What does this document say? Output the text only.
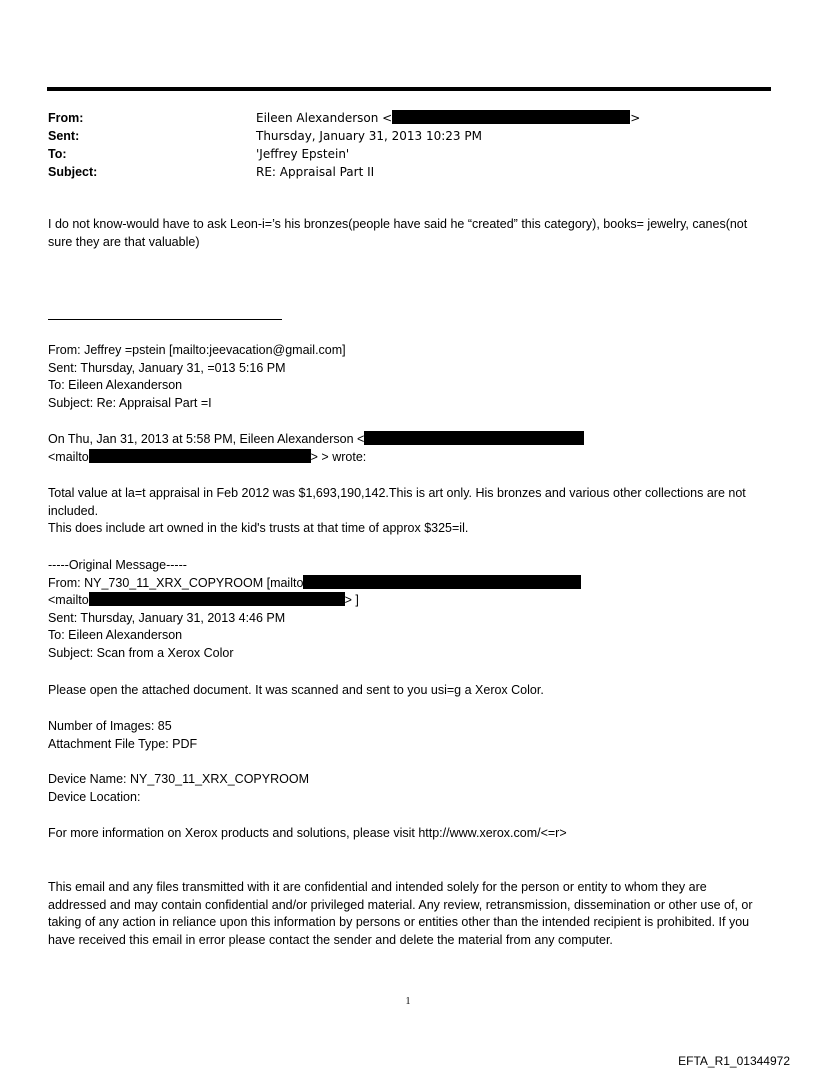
From:	Eileen Alexanderson <	>
Sent:	Thursday, January 31, 2013 10:23 PM
To:	'Jeffrey Epstein'
Subject:	RE: Appraisal Part II

I do not know-would have to ask Leon-i=’s his bronzes(people have said he “created” this category), books= jewelry, canes(not sure they are that valuable)

From: Jeffrey =pstein [mailto:jeevacation@gmail.com]
Sent: Thursday, January 31, =013 5:16 PM
To: Eileen Alexanderson
Subject: Re: Appraisal Part =I
On Thu, Jan 31, 2013 at 5:58 PM, Eileen Alexanderson <
<mailto	> > wrote:
Total value at la=t appraisal in Feb 2012 was $1,693,190,142.This is art only. His bronzes and various other collections are not included.
This does include art owned in the kid's trusts at that time of approx $325=il.
-----Original Message-----
From: NY_730_11_XRX_COPYROOM [mailto
<mailto	> ]
Sent: Thursday, January 31, 2013 4:46 PM
To: Eileen Alexanderson
Subject: Scan from a Xerox Color
Please open the attached document. It was scanned and sent to you usi=g a Xerox Color.
Number of Images: 85
Attachment File Type: PDF
Device Name: NY_730_11_XRX_COPYROOM
Device Location:
For more information on Xerox products and solutions, please visit http://www.xerox.com/<=r>
This email and any files transmitted with it are confidential and intended solely for the person or entity to whom they are addressed and may contain confidential and/or privileged material. Any review, retransmission, dissemination or other use of, or taking of any action in reliance upon this information by persons or entities other than the intended recipient is prohibited. If you have received this email in error please contact the sender and delete the material from any computer.
1
EFTA_R1_01344972
